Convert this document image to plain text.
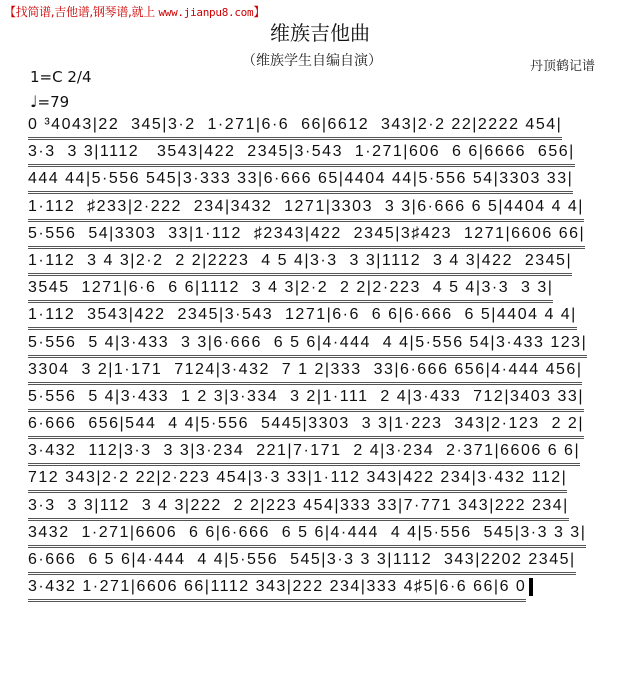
【找简谱,吉他谱,钢琴谱,就上 www.jianpu8.com】
维族吉他曲
（维族学生自编自演）	丹顶鹤记谱
1=C 2/4
♩=79
0 ³4043|22  345|3·2  1·271|6·6  66|6612  343|2·2 22|2222 454|
3·3  3 3|1112   3543|422  2345|3·543  1·271|606  6 6|6666  656|
444 44|5·556 545|3·333 33|6·666 65|4404 44|5·556 54|3303 33|
1·112  ♯233|2·222  234|3432  1271|3303  3 3|6·666 6 5|4404 4 4|
5·556  54|3303  33|1·112  ♯2343|422  2345|3♯423  1271|6606 66|
1·112  3 4 3|2·2  2 2|2223  4 5 4|3·3  3 3|1112  3 4 3|422  2345|
3545  1271|6·6  6 6|1112  3 4 3|2·2  2 2|2·223  4 5 4|3·3  3 3|
1·112  3543|422  2345|3·543  1271|6·6  6 6|6·666  6 5|4404 4 4|
5·556  5 4|3·433  3 3|6·666  6 5 6|4·444  4 4|5·556 54|3·433 123|
3304  3 2|1·171  7124|3·432  7 1 2|333  33|6·666 656|4·444 456|
5·556  5 4|3·433  1 2 3|3·334  3 2|1·111  2 4|3·433  712|3403 33|
6·666  656|544  4 4|5·556  5445|3303  3 3|1·223  343|2·123  2 2|
3·432  112|3·3  3 3|3·234  221|7·171  2 4|3·234  2·371|6606 6 6|
712 343|2·2 22|2·223 454|3·3 33|1·112 343|422 234|3·432 112|
3·3  3 3|112  3 4 3|222  2 2|223 454|333 33|7·771 343|222 234|
3432  1·271|6606  6 6|6·666  6 5 6|4·444  4 4|5·556  545|3·3 3 3|
6·666  6 5 6|4·444  4 4|5·556  545|3·3 3 3|1112  343|2202 2345|
3·432 1·271|6606 66|1112 343|222 234|333 4♯5|6·6 66|6 0
